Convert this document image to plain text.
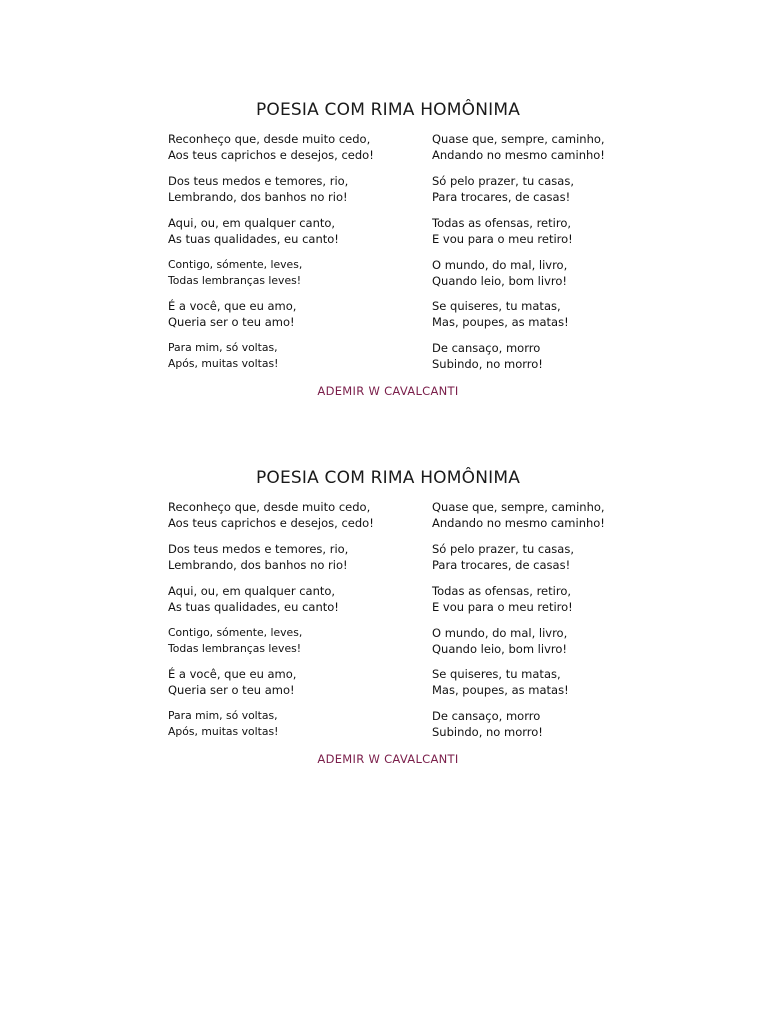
POESIA COM RIMA HOMÔNIMA
Reconheço que, desde muito cedo,
Aos teus caprichos e desejos, cedo!
Dos teus medos e temores, rio,
Lembrando, dos banhos no rio!
Aqui, ou, em qualquer canto,
As tuas qualidades, eu canto!
Contigo, sómente, leves,
Todas lembranças leves!
É a você, que eu amo,
Queria ser o teu amo!
Para mim, só voltas,
Após, muitas voltas!
Quase que, sempre, caminho,
Andando no mesmo caminho!
Só pelo prazer, tu casas,
Para trocares, de casas!
Todas as ofensas, retiro,
E vou para o meu retiro!
O mundo, do mal, livro,
Quando leio, bom livro!
Se quiseres, tu matas,
Mas, poupes, as matas!
De cansaço, morro
Subindo, no morro!
ADEMIR W CAVALCANTI
POESIA COM RIMA HOMÔNIMA
Reconheço que, desde muito cedo,
Aos teus caprichos e desejos, cedo!
Dos teus medos e temores, rio,
Lembrando, dos banhos no rio!
Aqui, ou, em qualquer canto,
As tuas qualidades, eu canto!
Contigo, sómente, leves,
Todas lembranças leves!
É a você, que eu amo,
Queria ser o teu amo!
Para mim, só voltas,
Após, muitas voltas!
Quase que, sempre, caminho,
Andando no mesmo caminho!
Só pelo prazer, tu casas,
Para trocares, de casas!
Todas as ofensas, retiro,
E vou para o meu retiro!
O mundo, do mal, livro,
Quando leio, bom livro!
Se quiseres, tu matas,
Mas, poupes, as matas!
De cansaço, morro
Subindo, no morro!
ADEMIR W CAVALCANTI
